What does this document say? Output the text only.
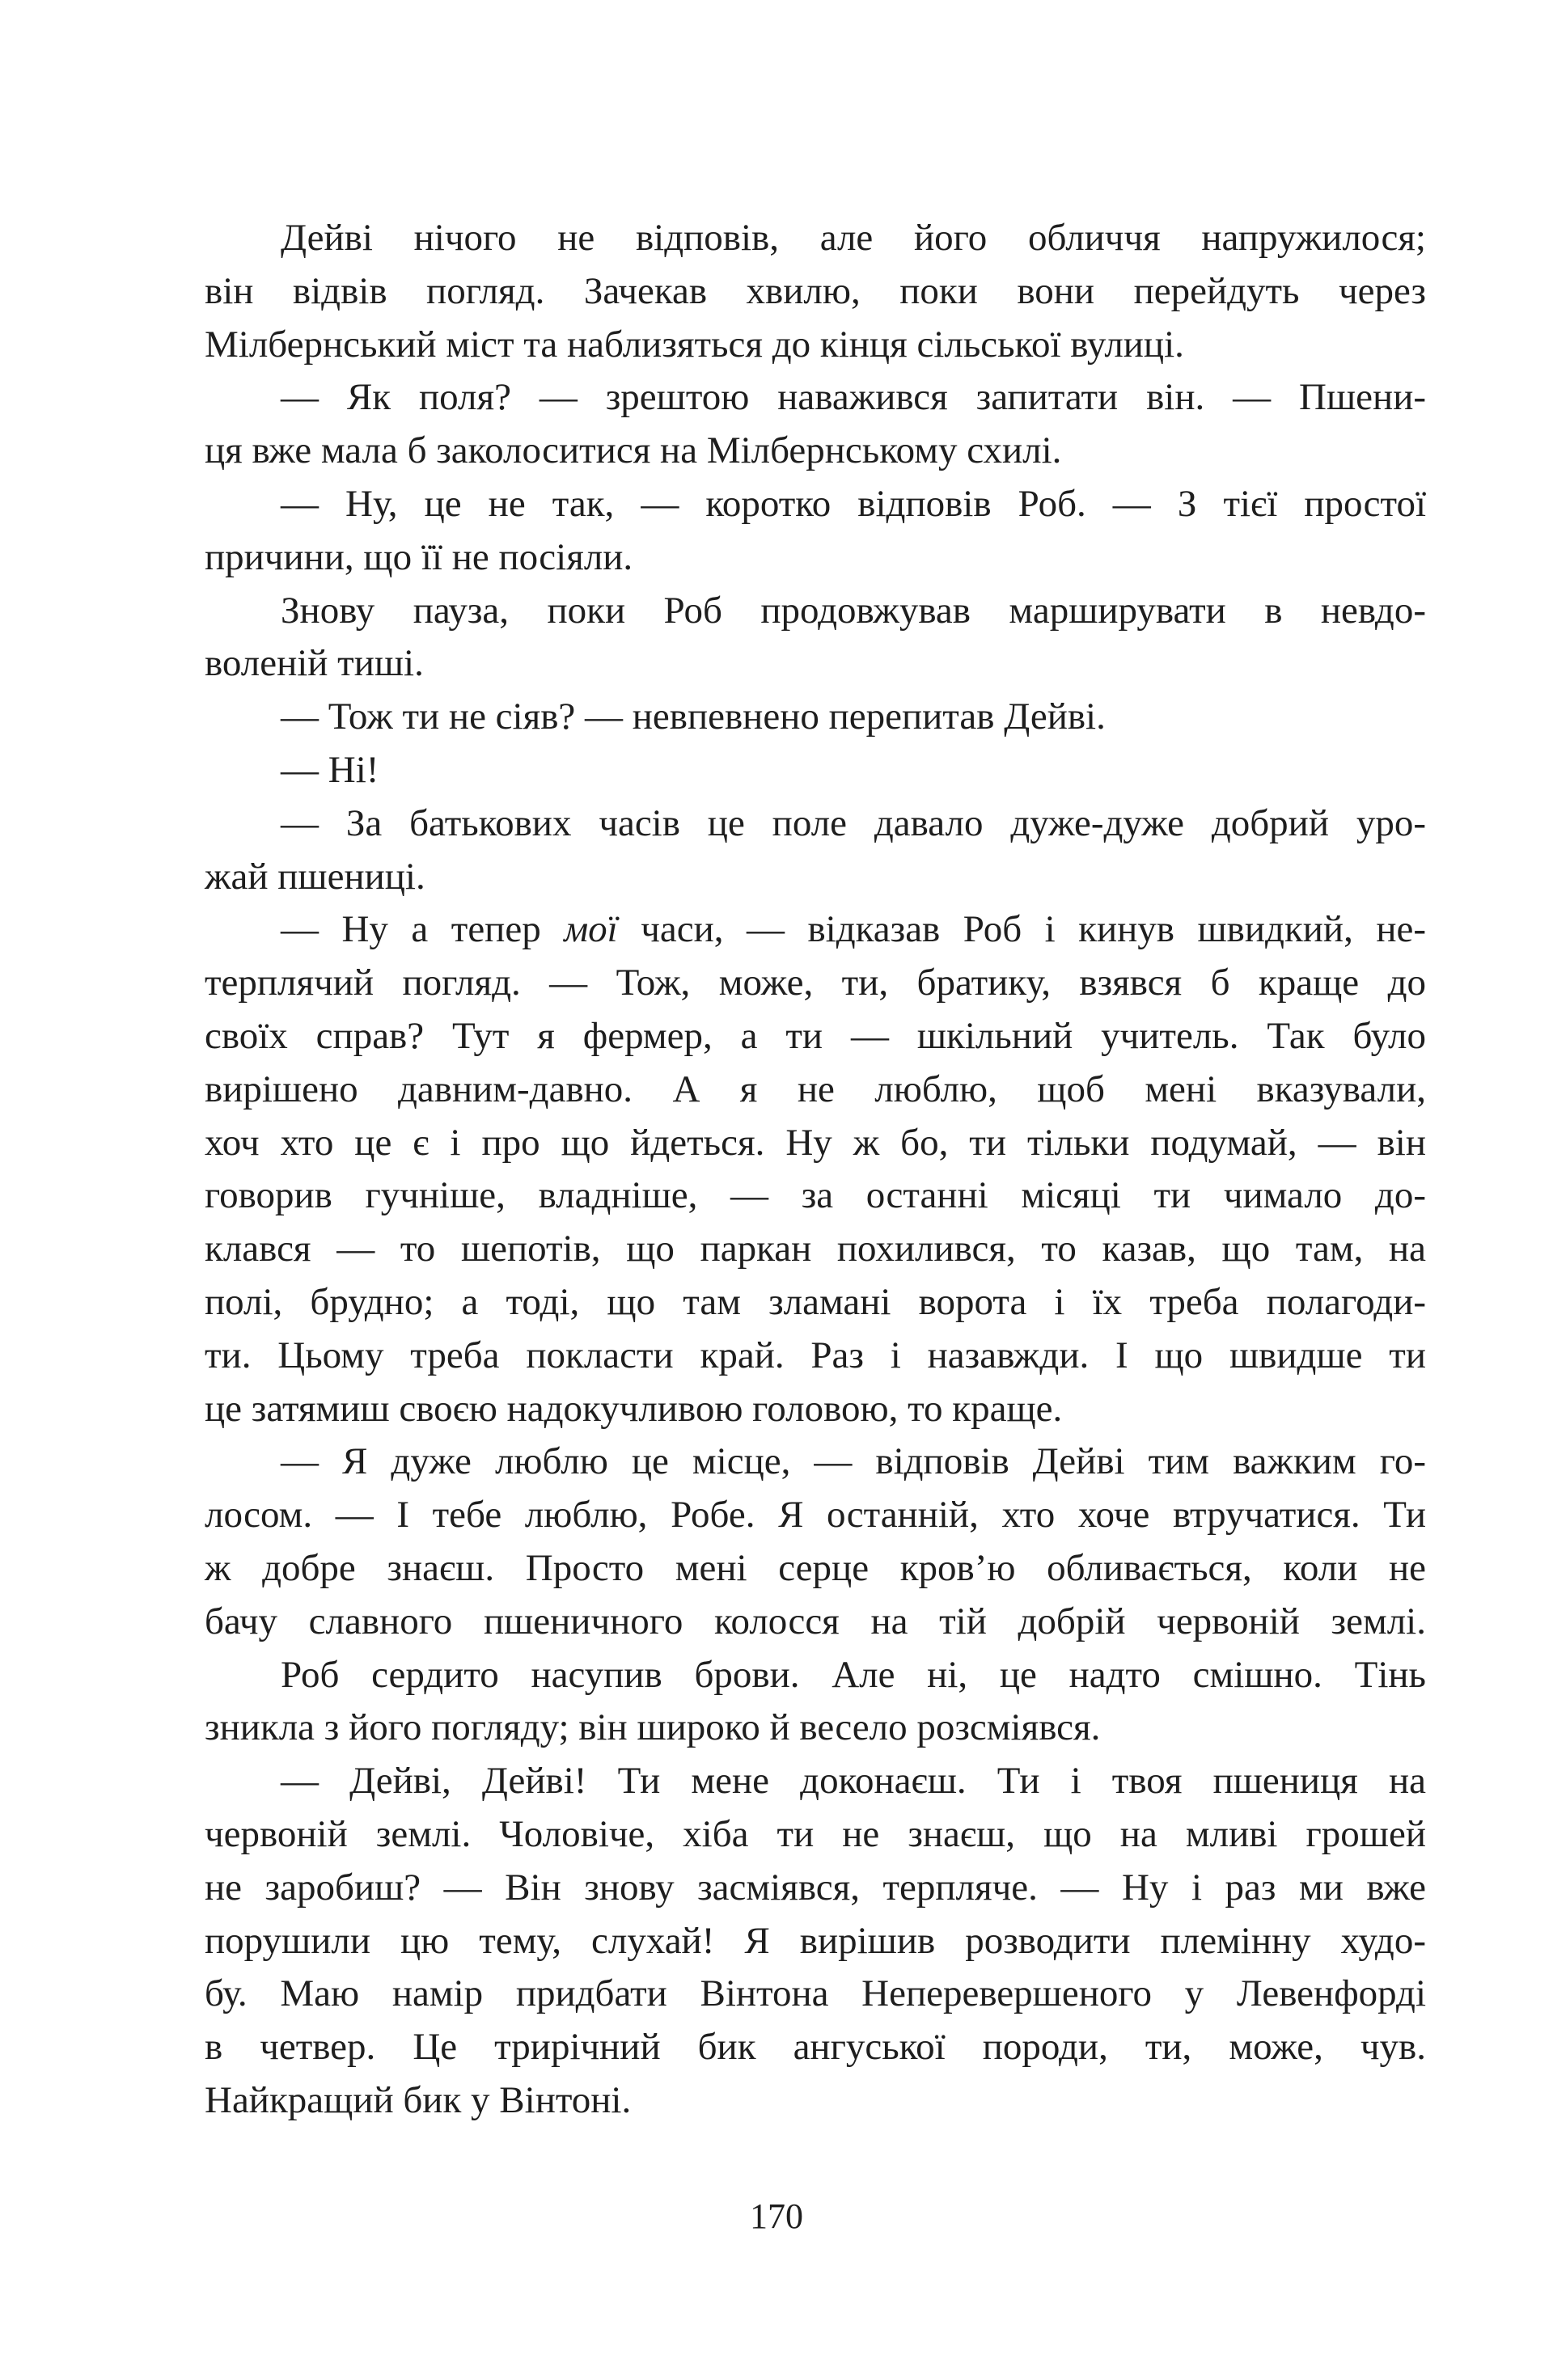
Дейві нічого не відповів, але його обличчя напружилося;
він відвів погляд. Зачекав хвилю, поки вони перейдуть через
Мілбернський міст та наблизяться до кінця сільської вулиці.
— Як поля? — зрештою наважився запитати він. — Пшени-
ця вже мала б заколоситися на Мілбернському схилі.
— Ну, це не так, — коротко відповів Роб. — З тієї простої
причини, що її не посіяли.
Знову пауза, поки Роб продовжував марширувати в невдо-
воленій тиші.
— Тож ти не сіяв? — невпевнено перепитав Дейві.
— Ні!
— За батькових часів це поле давало дуже-дуже добрий уро-
жай пшениці.
— Ну а тепер мої часи, — відказав Роб і кинув швидкий, не-
терплячий погляд. — Тож, може, ти, братику, взявся б краще до
своїх справ? Тут я фермер, а ти — шкільний учитель. Так було
вирішено давним-давно. А я не люблю, щоб мені вказували,
хоч хто це є і про що йдеться. Ну ж бо, ти тільки подумай, — він
говорив гучніше, владніше, — за останні місяці ти чимало до-
клався — то шепотів, що паркан похилився, то казав, що там, на
полі, брудно; а тоді, що там зламані ворота і їх треба полагоди-
ти. Цьому треба покласти край. Раз і назавжди. І що швидше ти
це затямиш своєю надокучливою головою, то краще.
— Я дуже люблю це місце, — відповів Дейві тим важким го-
лосом. — І тебе люблю, Робе. Я останній, хто хоче втручатися. Ти
ж добре знаєш. Просто мені серце кров’ю обливається, коли не
бачу славного пшеничного колосся на тій добрій червоній землі.
Роб сердито насупив брови. Але ні, це надто смішно. Тінь
зникла з його погляду; він широко й весело розсміявся.
— Дейві, Дейві! Ти мене доконаєш. Ти і твоя пшениця на
червоній землі. Чоловіче, хіба ти не знаєш, що на мливі грошей
не заробиш? — Він знову засміявся, терпляче. — Ну і раз ми вже
порушили цю тему, слухай! Я вирішив розводити племінну худо-
бу. Маю намір придбати Вінтона Неперевершеного у Левенфорді
в четвер. Це трирічний бик ангуської породи, ти, може, чув.
Найкращий бик у Вінтоні.
170
